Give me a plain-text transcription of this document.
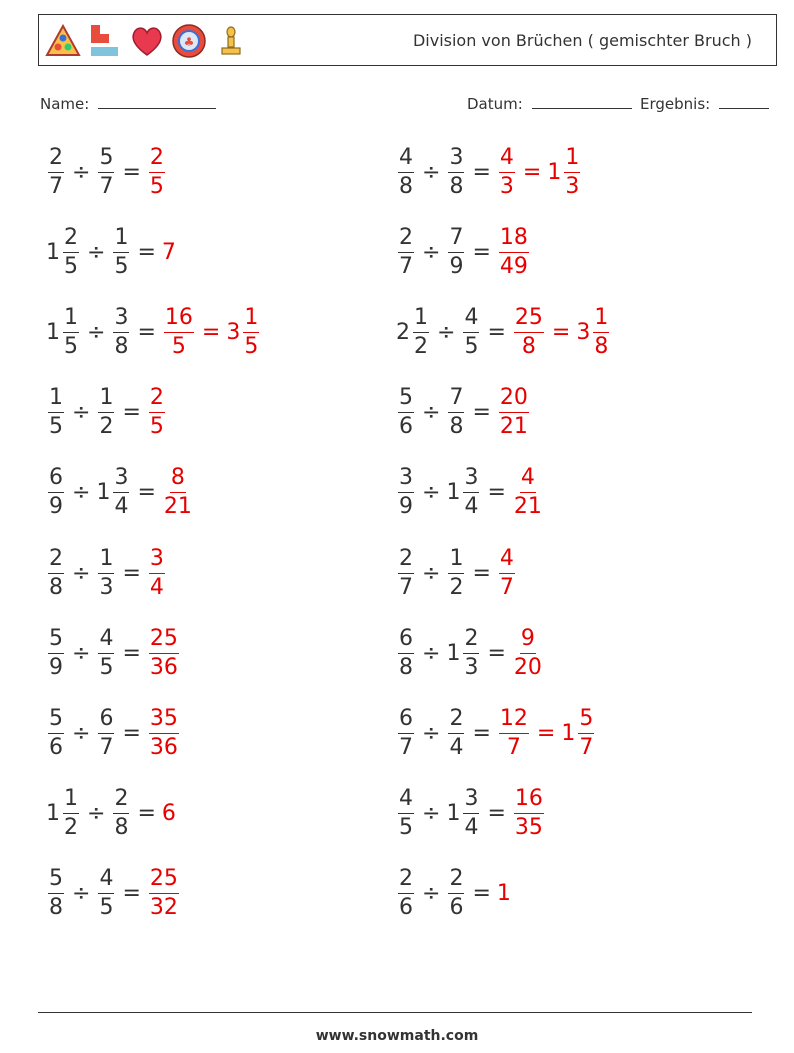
♣	Division von Brüchen ( gemischter Bruch )
Name:	Datum:	Ergebnis:
$\frac{2}{7} \div \frac{5}{7} = \frac{2}{5}$	$\frac{4}{8} \div \frac{3}{8} = \frac{4}{3} = 1 \frac{1}{3}$
$1 \frac{2}{5} \div \frac{1}{5} = 7$	$\frac{2}{7} \div \frac{7}{9} = \frac{18}{49}$
$1 \frac{1}{5} \div \frac{3}{8} = \frac{16}{5} = 3 \frac{1}{5}$	$2 \frac{1}{2} \div \frac{4}{5} = \frac{25}{8} = 3 \frac{1}{8}$
$\frac{1}{5} \div \frac{1}{2} = \frac{2}{5}$	$\frac{5}{6} \div \frac{7}{8} = \frac{20}{21}$
$\frac{6}{9} \div 1 \frac{3}{4} = \frac{8}{21}$	$\frac{3}{9} \div 1 \frac{3}{4} = \frac{4}{21}$
$\frac{2}{8} \div \frac{1}{3} = \frac{3}{4}$	$\frac{2}{7} \div \frac{1}{2} = \frac{4}{7}$
$\frac{5}{9} \div \frac{4}{5} = \frac{25}{36}$	$\frac{6}{8} \div 1 \frac{2}{3} = \frac{9}{20}$
$\frac{5}{6} \div \frac{6}{7} = \frac{35}{36}$	$\frac{6}{7} \div \frac{2}{4} = \frac{12}{7} = 1 \frac{5}{7}$
$1 \frac{1}{2} \div \frac{2}{8} = 6$	$\frac{4}{5} \div 1 \frac{3}{4} = \frac{16}{35}$
$\frac{5}{8} \div \frac{4}{5} = \frac{25}{32}$	$\frac{2}{6} \div \frac{2}{6} = 1$
www.snowmath.com
